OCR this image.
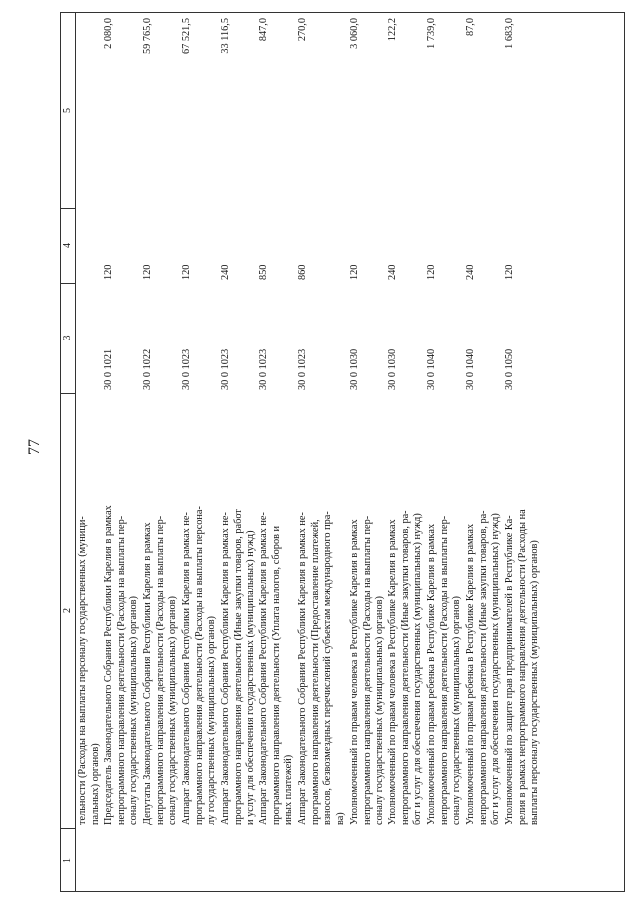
77
1
2
3
4
5
тельности (Расходы на выплаты персоналу государственных (муници-
пальных) органов)
Председатель Законодательного Собрания Республики Карелия в рамках
непрограммного направления деятельности (Расходы на выплаты пер-
соналу государственных (муниципальных) органов)
30 0 1021
120
2 080,0
Депутаты Законодательного Собрания Республики Карелия в рамках
непрограммного направления деятельности (Расходы на выплаты пер-
соналу государственных (муниципальных) органов)
30 0 1022
120
59 765,0
Аппарат Законодательного Собрания Республики Карелия в рамках не-
программного направления деятельности (Расходы на выплаты персона-
лу государственных (муниципальных) органов)
30 0 1023
120
67 521,5
Аппарат Законодательного Собрания Республики Карелия в рамках не-
программного направления деятельности (Иные закупки товаров, работ
и услуг для обеспечения государственных (муниципальных) нужд)
30 0 1023
240
33 116,5
Аппарат Законодательного Собрания Республики Карелия в рамках не-
программного направления деятельности (Уплата налогов, сборов и
иных платежей)
30 0 1023
850
847,0
Аппарат Законодательного Собрания Республики Карелия в рамках не-
программного направления деятельности (Предоставление платежей,
взносов, безвозмездных перечислений субъектам международного пра-
ва)
30 0 1023
860
270,0
Уполномоченный по правам человека в Республике Карелия в рамках
непрограммного направления деятельности (Расходы на выплаты пер-
соналу государственных (муниципальных) органов)
30 0 1030
120
3 060,0
Уполномоченный по правам человека в Республике Карелия в рамках
непрограммного направления деятельности (Иные закупки товаров, ра-
бот и услуг для обеспечения государственных (муниципальных) нужд)
30 0 1030
240
122,2
Уполномоченный по правам ребенка в Республике Карелия в рамках
непрограммного направления деятельности (Расходы на выплаты пер-
соналу государственных (муниципальных) органов)
30 0 1040
120
1 739,0
Уполномоченный по правам ребенка в Республике Карелия в рамках
непрограммного направления деятельности (Иные закупки товаров, ра-
бот и услуг для обеспечения государственных (муниципальных) нужд)
30 0 1040
240
87,0
Уполномоченный по защите прав предпринимателей в Республике Ка-
релия в рамках непрограммного направления деятельности (Расходы на
выплаты персоналу государственных (муниципальных) органов)
30 0 1050
120
1 683,0
